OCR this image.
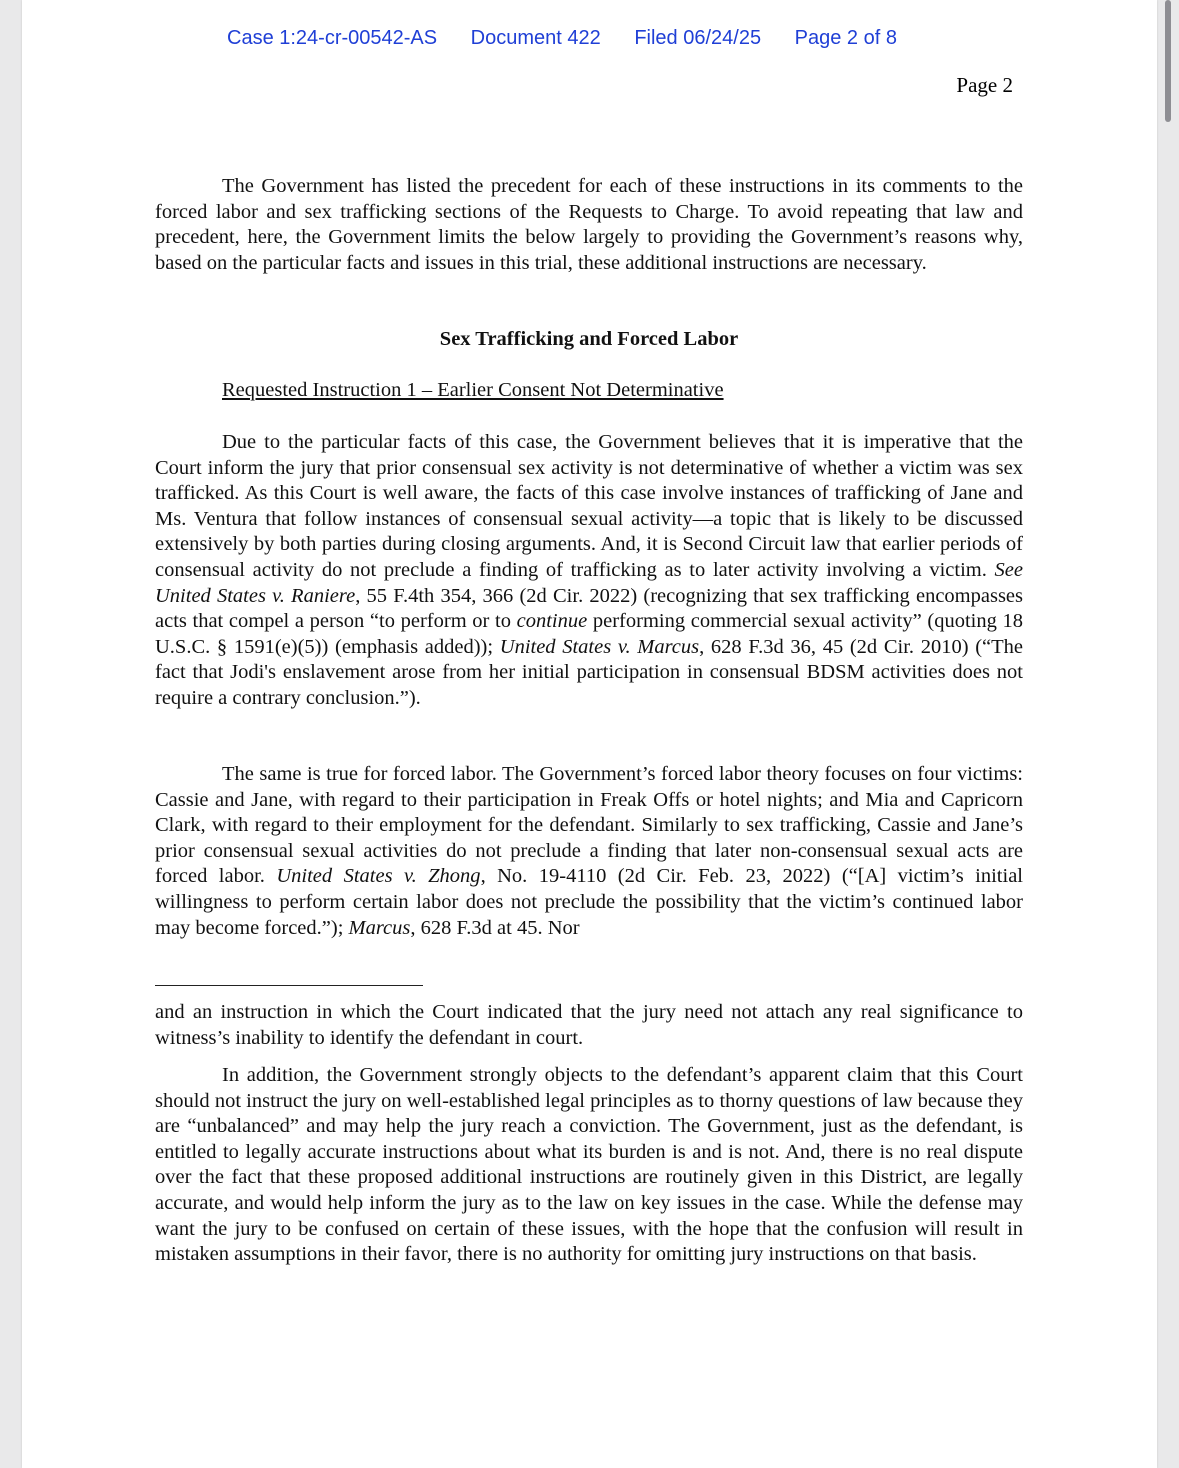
Case 1:24-cr-00542-AS Document 422 Filed 06/24/25 Page 2 of 8
Page 2

The Government has listed the precedent for each of these instructions in its comments to the forced labor and sex trafficking sections of the Requests to Charge. To avoid repeating that law and precedent, here, the Government limits the below largely to providing the Government’s reasons why, based on the particular facts and issues in this trial, these additional instructions are necessary.

Sex Trafficking and Forced Labor
Requested Instruction 1 – Earlier Consent Not Determinative

Due to the particular facts of this case, the Government believes that it is imperative that the Court inform the jury that prior consensual sex activity is not determinative of whether a victim was sex trafficked. As this Court is well aware, the facts of this case involve instances of trafficking of Jane and Ms. Ventura that follow instances of consensual sexual activity—a topic that is likely to be discussed extensively by both parties during closing arguments. And, it is Second Circuit law that earlier periods of consensual activity do not preclude a finding of trafficking as to later activity involving a victim. See United States v. Raniere, 55 F.4th 354, 366 (2d Cir. 2022) (recognizing that sex trafficking encompasses acts that compel a person “to perform or to continue performing commercial sexual activity” (quoting 18 U.S.C. § 1591(e)(5)) (emphasis added)); United States v. Marcus, 628 F.3d 36, 45 (2d Cir. 2010) (“The fact that Jodi's enslavement arose from her initial participation in consensual BDSM activities does not require a contrary conclusion.”).

The same is true for forced labor. The Government’s forced labor theory focuses on four victims: Cassie and Jane, with regard to their participation in Freak Offs or hotel nights; and Mia and Capricorn Clark, with regard to their employment for the defendant. Similarly to sex trafficking, Cassie and Jane’s prior consensual sexual activities do not preclude a finding that later non-consensual sexual acts are forced labor. United States v. Zhong, No. 19-4110 (2d Cir. Feb. 23, 2022) (“[A] victim’s initial willingness to perform certain labor does not preclude the possibility that the victim’s continued labor may become forced.”); Marcus, 628 F.3d at 45. Nor

and an instruction in which the Court indicated that the jury need not attach any real significance to witness’s inability to identify the defendant in court.

In addition, the Government strongly objects to the defendant’s apparent claim that this Court should not instruct the jury on well-established legal principles as to thorny questions of law because they are “unbalanced” and may help the jury reach a conviction. The Government, just as the defendant, is entitled to legally accurate instructions about what its burden is and is not. And, there is no real dispute over the fact that these proposed additional instructions are routinely given in this District, are legally accurate, and would help inform the jury as to the law on key issues in the case. While the defense may want the jury to be confused on certain of these issues, with the hope that the confusion will result in mistaken assumptions in their favor, there is no authority for omitting jury instructions on that basis.
